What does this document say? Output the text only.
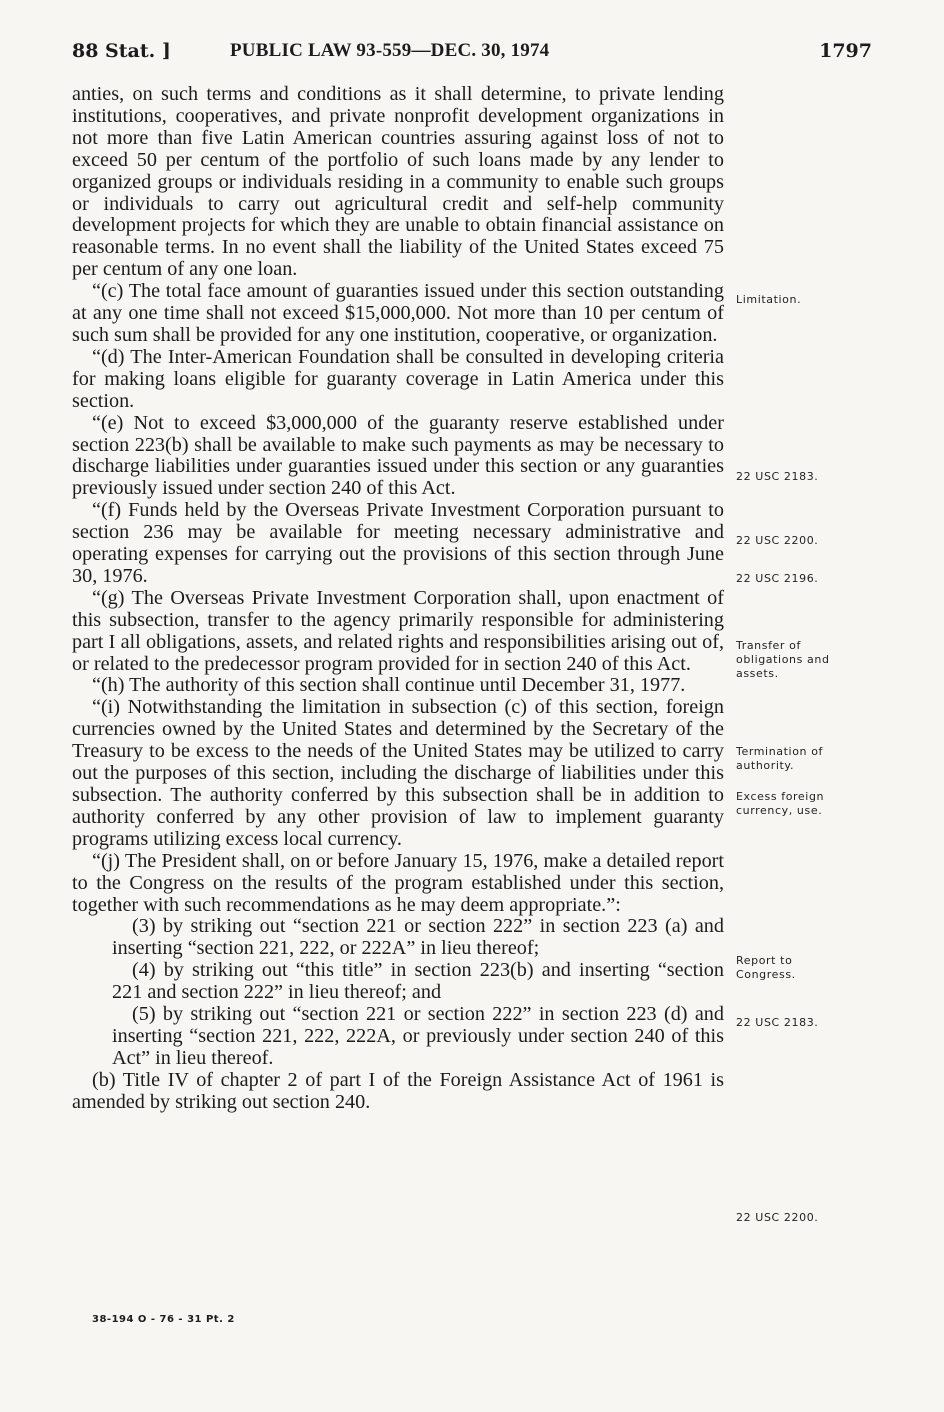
88 Stat. ]	PUBLIC LAW 93-559—DEC. 30, 1974	1797

anties, on such terms and conditions as it shall determine, to private lending institutions, cooperatives, and private nonprofit development organizations in not more than five Latin American countries assuring against loss of not to exceed 50 per centum of the portfolio of such loans made by any lender to organized groups or individuals residing in a community to enable such groups or individuals to carry out agricultural credit and self-help community development projects for which they are unable to obtain financial assistance on reasonable terms. In no event shall the liability of the United States exceed 75 per centum of any one loan.

“(c) The total face amount of guaranties issued under this section outstanding at any one time shall not exceed $15,000,000. Not more than 10 per centum of such sum shall be provided for any one institution, cooperative, or organization.

“(d) The Inter-American Foundation shall be consulted in developing criteria for making loans eligible for guaranty coverage in Latin America under this section.

“(e) Not to exceed $3,000,000 of the guaranty reserve established under section 223(b) shall be available to make such payments as may be necessary to discharge liabilities under guaranties issued under this section or any guaranties previously issued under section 240 of this Act.

“(f) Funds held by the Overseas Private Investment Corporation pursuant to section 236 may be available for meeting necessary administrative and operating expenses for carrying out the provisions of this section through June 30, 1976.

“(g) The Overseas Private Investment Corporation shall, upon enactment of this subsection, transfer to the agency primarily responsible for administering part I all obligations, assets, and related rights and responsibilities arising out of, or related to the predecessor program provided for in section 240 of this Act.

“(h) The authority of this section shall continue until December 31, 1977.

“(i) Notwithstanding the limitation in subsection (c) of this section, foreign currencies owned by the United States and determined by the Secretary of the Treasury to be excess to the needs of the United States may be utilized to carry out the purposes of this section, including the discharge of liabilities under this subsection. The authority conferred by this subsection shall be in addition to authority conferred by any other provision of law to implement guaranty programs utilizing excess local currency.

“(j) The President shall, on or before January 15, 1976, make a detailed report to the Congress on the results of the program established under this section, together with such recommendations as he may deem appropriate.”:

(3) by striking out “section 221 or section 222” in section 223 (a) and inserting “section 221, 222, or 222A” in lieu thereof;

(4) by striking out “this title” in section 223(b) and inserting “section 221 and section 222” in lieu thereof; and

(5) by striking out “section 221 or section 222” in section 223 (d) and inserting “section 221, 222, 222A, or previously under section 240 of this Act” in lieu thereof.

(b) Title IV of chapter 2 of part I of the Foreign Assistance Act of 1961 is amended by striking out section 240.

Limitation.
22 USC 2183.
22 USC 2200.
22 USC 2196.
Transfer of obligations and assets.
Termination of authority.
Excess foreign currency, use.
Report to Congress.
22 USC 2183.
22 USC 2200.
38-194 O - 76 - 31 Pt. 2
